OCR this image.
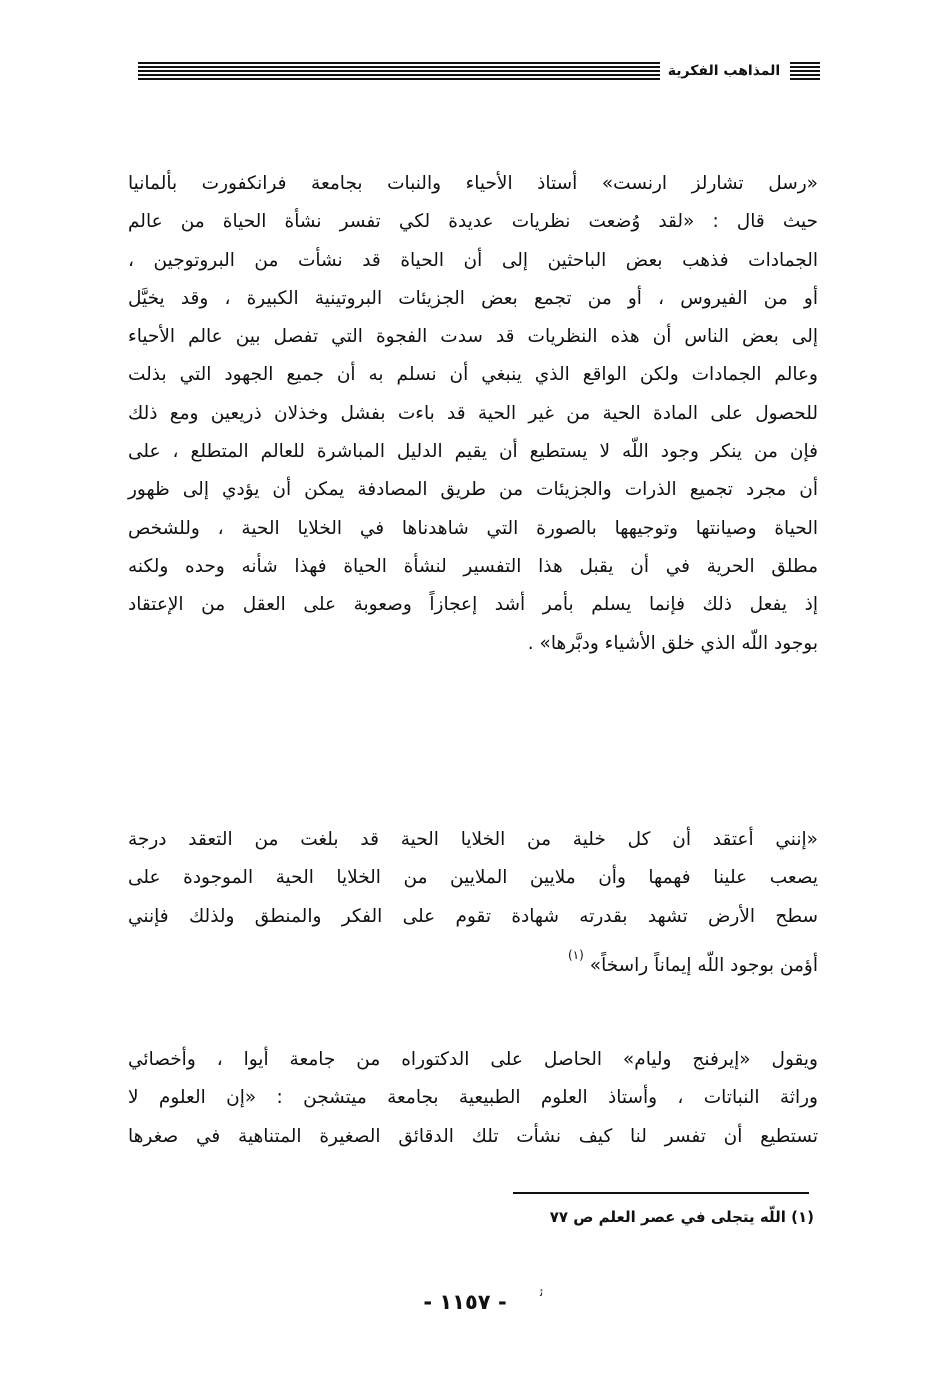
المذاهب الفكرية
«رسل تشارلز ارنست» أستاذ الأحياء والنبات بجامعة فرانكفورت بألمانيا
حيث قال : «لقد وُضعت نظريات عديدة لكي تفسر نشأة الحياة من عالم
الجمادات فذهب بعض الباحثين إلى أن الحياة قد نشأت من البروتوجين ،
أو من الفيروس ، أو من تجمع بعض الجزيئات البروتينية الكبيرة ، وقد يخيَّل
إلى بعض الناس أن هذه النظريات قد سدت الفجوة التي تفصل بين عالم الأحياء
وعالم الجمادات ولكن الواقع الذي ينبغي أن نسلم به أن جميع الجهود التي بذلت
للحصول على المادة الحية من غير الحية قد باءت بفشل وخذلان ذريعين ومع ذلك
فإن من ينكر وجود اللّه لا يستطيع أن يقيم الدليل المباشرة للعالم المتطلع ، على
أن مجرد تجميع الذرات والجزيئات من طريق المصادفة يمكن أن يؤدي إلى ظهور
الحياة وصيانتها وتوجيهها بالصورة التي شاهدناها في الخلايا الحية ، وللشخص
مطلق الحرية في أن يقبل هذا التفسير لنشأة الحياة فهذا شأنه وحده ولكنه
إذ يفعل ذلك فإنما يسلم بأمر أشد إعجازاً وصعوبة على العقل من الإعتقاد
بوجود اللّه الذي خلق الأشياء ودبَّرها» .
«إنني أعتقد أن كل خلية من الخلايا الحية قد بلغت من التعقد درجة
يصعب علينا فهمها وأن ملايين الملايين من الخلايا الحية الموجودة على
سطح الأرض تشهد بقدرته شهادة تقوم على الفكر والمنطق ولذلك فإنني
أؤمن بوجود اللّه إيماناً راسخاً»$^{(١)}$
ويقول «إيرفنج وليام» الحاصل على الدكتوراه من جامعة أيوا ، وأخصائي
وراثة النباتات ، وأستاذ العلوم الطبيعية بجامعة ميتشجن : «إن العلوم لا
تستطيع أن تفسر لنا كيف نشأت تلك الدقائق الصغيرة المتناهية في صغرها
(١) اللّه يتجلى في عصر العلم ص ٧٧
- ١١٥٧ -	ﺋ
